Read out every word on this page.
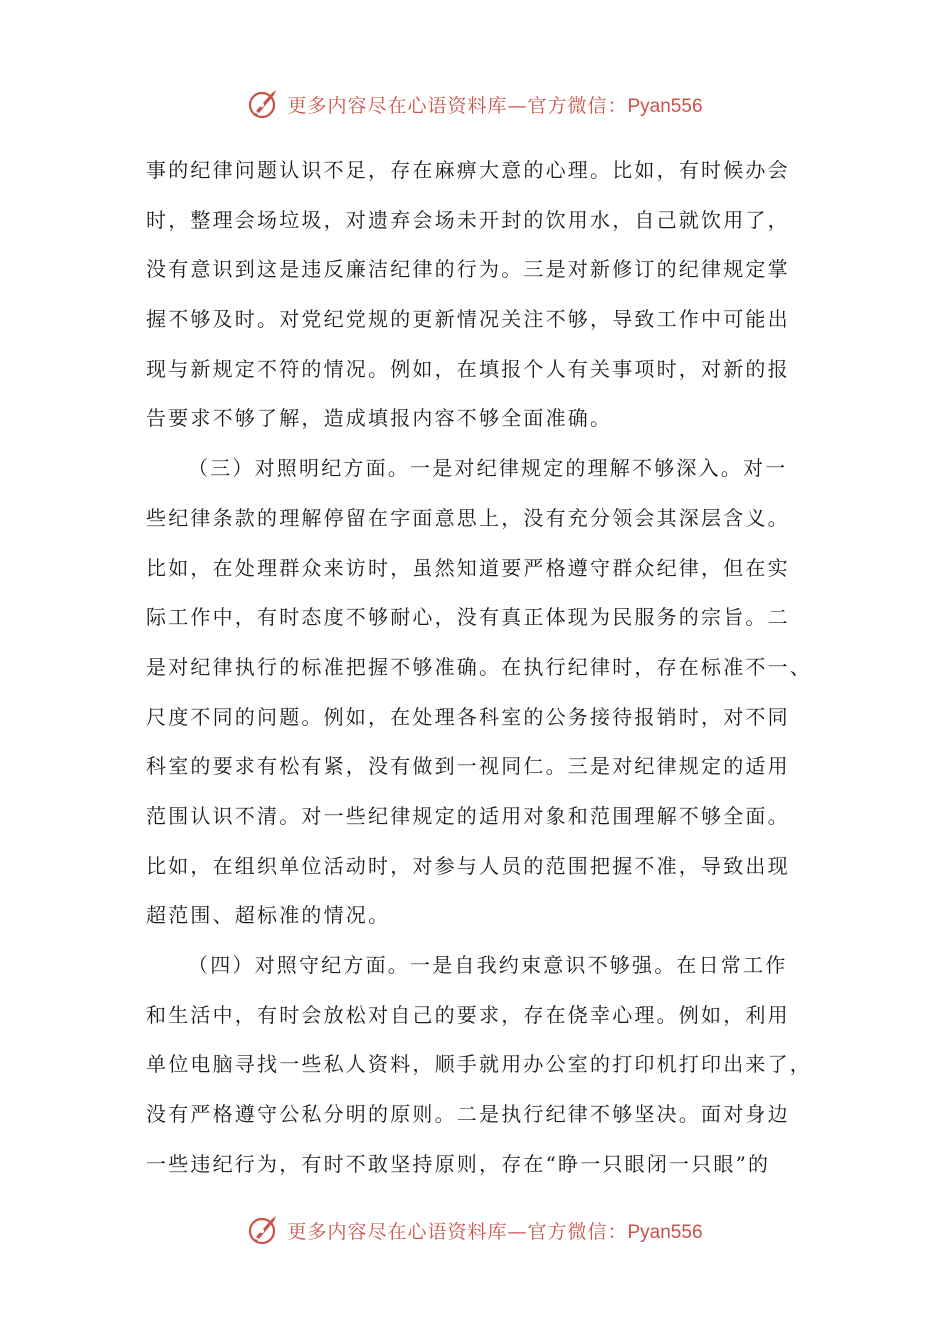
更多内容尽在心语资料库—官方微信：Pyan556
事的纪律问题认识不足，存在麻痹大意的心理。比如，有时候办会
时，整理会场垃圾，对遗弃会场未开封的饮用水，自己就饮用了，
没有意识到这是违反廉洁纪律的行为。三是对新修订的纪律规定掌
握不够及时。对党纪党规的更新情况关注不够，导致工作中可能出
现与新规定不符的情况。例如，在填报个人有关事项时，对新的报
告要求不够了解，造成填报内容不够全面准确。
（三）对照明纪方面。一是对纪律规定的理解不够深入。对一
些纪律条款的理解停留在字面意思上，没有充分领会其深层含义。
比如，在处理群众来访时，虽然知道要严格遵守群众纪律，但在实
际工作中，有时态度不够耐心，没有真正体现为民服务的宗旨。二
是对纪律执行的标准把握不够准确。在执行纪律时，存在标准不一、
尺度不同的问题。例如，在处理各科室的公务接待报销时，对不同
科室的要求有松有紧，没有做到一视同仁。三是对纪律规定的适用
范围认识不清。对一些纪律规定的适用对象和范围理解不够全面。
比如，在组织单位活动时，对参与人员的范围把握不准，导致出现
超范围、超标准的情况。
（四）对照守纪方面。一是自我约束意识不够强。在日常工作
和生活中，有时会放松对自己的要求，存在侥幸心理。例如，利用
单位电脑寻找一些私人资料，顺手就用办公室的打印机打印出来了，
没有严格遵守公私分明的原则。二是执行纪律不够坚决。面对身边
一些违纪行为，有时不敢坚持原则，存在“睁一只眼闭一只眼”的
更多内容尽在心语资料库—官方微信：Pyan556
